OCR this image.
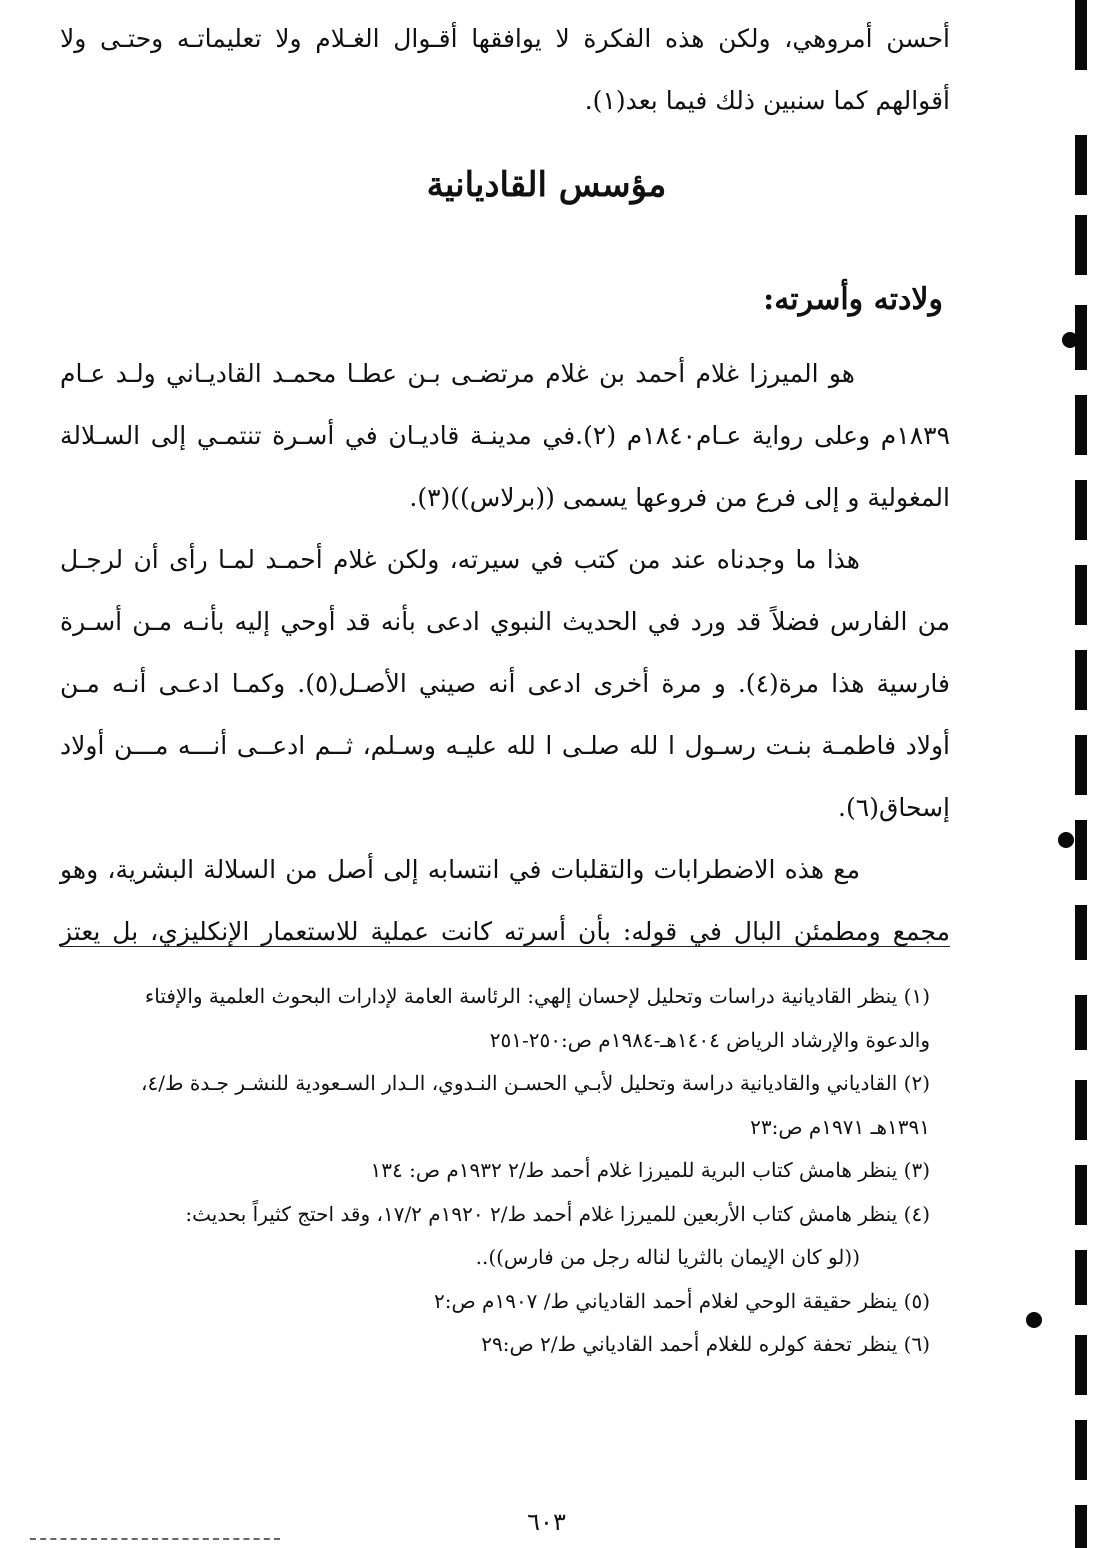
أحسن أمروهي، ولكن هذه الفكرة لا يوافقها أقـوال الغـلام ولا تعليماتـه وحتـى ولا
أقوالهم كما سنبين ذلك فيما بعد(١).
مؤسس القاديانية
ولادته وأسرته:
هو الميرزا غلام أحمد بن غلام مرتضـى بـن عطـا محمـد القاديـاني ولـد عـام
١٨٣٩م وعلى رواية عـام١٨٤٠م (٢).في مدينـة قاديـان في أسـرة تنتمـي إلى السـلالة
المغولية و إلى فرع من فروعها يسمى ((برلاس))(٣).
هذا ما وجدناه عند من كتب في سيرته، ولكن غلام أحمـد لمـا رأى أن لرجـل
من الفارس فضلاً قد ورد في الحديث النبوي ادعى بأنه قد أوحي إليه بأنـه مـن أسـرة
فارسية هذا مرة(٤). و مرة أخرى ادعى أنه صيني الأصـل(٥). وكمـا ادعـى أنـه مـن
أولاد فاطمـة بنـت رسـول ا لله صلـى ا لله عليـه وسـلم، ثــم ادعــى أنـــه مـــن أولاد
إسحاق(٦).
مع هذه الاضطرابات والتقلبات في انتسابه إلى أصل من السلالة البشرية، وهو
مجمع ومطمئن البال في قوله: بأن أسرته كانت عملية للاستعمار الإنكليزي، بل يعتز
(١) ينظر القاديانية دراسات وتحليل لإحسان إلهي: الرئاسة العامة لإدارات البحوث العلمية والإفتاء
والدعوة والإرشاد الرياض ١٤٠٤هـ-١٩٨٤م ص:٢٥٠-٢٥١
(٢) القادياني والقاديانية دراسة وتحليل لأبـي الحسـن النـدوي، الـدار السـعودية للنشـر جـدة ط/٤،
١٣٩١هـ ١٩٧١م ص:٢٣
(٣) ينظر هامش كتاب البرية للميرزا غلام أحمد ط/٢ ١٩٣٢م ص: ١٣٤
(٤) ينظر هامش كتاب الأربعين للميرزا غلام أحمد ط/٢ ١٩٢٠م ١٧/٢، وقد احتج كثيراً بحديث:
((لو كان الإيمان بالثريا لناله رجل من فارس))..
(٥) ينظر حقيقة الوحي لغلام أحمد القادياني ط/ ١٩٠٧م ص:٢
(٦) ينظر تحفة كولره للغلام أحمد القادياني ط/٢ ص:٢٩
٦٠٣
